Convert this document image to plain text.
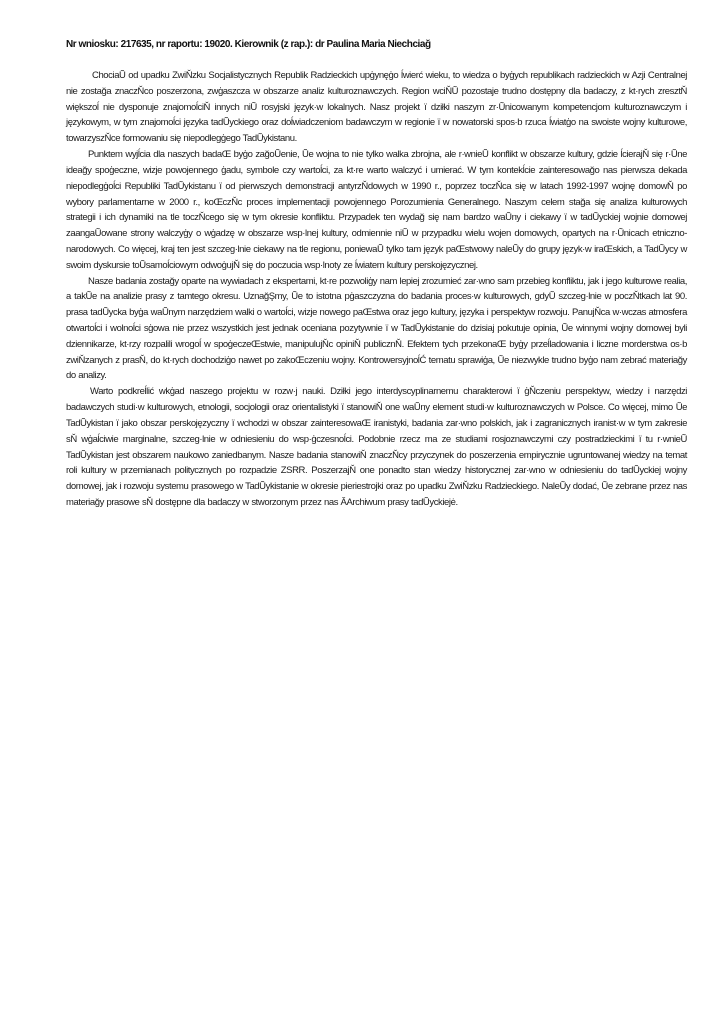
Nr wniosku: 217635, nr raportu: 19020. Kierownik (z rap.): dr Paulina Maria Niechciağ

ChociaŨ od upadku ZwiŇzku Socjalistycznych Republik Radzieckich upģynęģo ĺwierć wieku, to wiedza o byģych republikach radzieckich w Azji Centralnej nie zostağa znaczŇco poszerzona, zwģaszcza w obszarze analiz kulturoznawczych. Region wciŇŨ pozostaje trudno dostępny dla badaczy, z kt·rych zresztŇ większoĺ nie dysponuje znajomoĺciŇ innych niŨ rosyjski język·w lokalnych. Nasz projekt ï dziłki naszym zr·Ũnicowanym kompetencjom kulturoznawczym i językowym, w tym znajomoĺci języka tadŨyckiego oraz doĺwiadczeniom badawczym w regionie ï w nowatorski spos·b rzuca ĺwiatģo na swoiste wojny kulturowe, towarzyszŇce formowaniu się niepodlegģego TadŨykistanu.

Punktem wyjĺcia dla naszych badaŒ byģo zağoŨenie, Ũe wojna to nie tylko walka zbrojna, ale r·wnieŨ konflikt w obszarze kultury, gdzie ĺcierajŇ się r·Ũne ideağy spoģeczne, wizje powojennego ģadu, symbole czy wartoĺci, za kt·re warto walczyć i umierać. W tym kontekĺcie zainteresowağo nas pierwsza dekada niepodlegģoĺci Republiki TadŨykistanu ï od pierwszych demonstracji antyrzŇdowych w 1990 r., poprzez toczŇca się w latach 1992-1997 wojnę domowŇ po wybory parlamentarne w 2000 r., koŒczŇc proces implementacji powojennego Porozumienia Generalnego. Naszym celem stağa się analiza kulturowych strategii i ich dynamiki na tle toczŇcego się w tym okresie konfliktu. Przypadek ten wydağ się nam bardzo waŨny i ciekawy ï w tadŨyckiej wojnie domowej zaangaŨowane strony walczyģy o wģadzę w obszarze wsp·lnej kultury, odmiennie niŨ w przypadku wielu wojen domowych, opartych na r·Ũnicach etniczno-narodowych. Co więcej, kraj ten jest szczeg·lnie ciekawy na tle regionu, poniewaŨ tylko tam język paŒstwowy naleŨy do grupy język·w iraŒskich, a TadŨycy w swoim dyskursie toŨsamoĺciowym odwoģujŇ się do poczucia wsp·lnoty ze ĺwiatem kultury perskojęzycznej.

Nasze badania zostağy oparte na wywiadach z ekspertami, kt·re pozwoliģy nam lepiej zrozumieć zar·wno sam przebieg konfliktu, jak i jego kulturowe realia, a takŨe na analizie prasy z tamtego okresu. UznağŞmy, Ũe to istotna pģaszczyzna do badania proces·w kulturowych, gdyŨ szczeg·lnie w poczŇtkach lat 90. prasa tadŨycka byģa waŨnym narzędziem walki o wartoĺci, wizje nowego paŒstwa oraz jego kultury, języka i perspektyw rozwoju. PanujŇca w·wczas atmosfera otwartoĺci i wolnoĺci sģowa nie przez wszystkich jest jednak oceniana pozytywnie ï w TadŨykistanie do dzisiaj pokutuje opinia, Ũe winnymi wojny domowej byli dziennikarze, kt·rzy rozpalili wrogoĺ w spoģeczeŒstwie, manipulujŇc opiniŇ publicznŇ. Efektem tych przekonaŒ byģy przeĺladowania i liczne morderstwa os·b zwiŇzanych z prasŇ, do kt·rych dochodziģo nawet po zakoŒczeniu wojny. KontrowersyjnoĺĆ tematu sprawiģa, Ũe niezwykle trudno byģo nam zebrać materiağy do analizy.

Warto podkreĺlić wkģad naszego projektu w rozw·j nauki. Dziłki jego interdyscyplinarnemu charakterowi ï ģŇczeniu perspektyw, wiedzy i narzędzi badawczych studi·w kulturowych, etnologii, socjologii oraz orientalistyki ï stanowiŇ one waŨny element studi·w kulturoznawczych w Polsce. Co więcej, mimo Ũe TadŨykistan ï jako obszar perskojęzyczny ï wchodzi w obszar zainteresowaŒ iranistyki, badania zar·wno polskich, jak i zagranicznych iranist·w w tym zakresie sŇ wģaĺciwie marginalne, szczeg·lnie w odniesieniu do wsp·ģczesnoĺci. Podobnie rzecz ma ze studiami rosjoznawczymi czy postradzieckimi ï tu r·wnieŨ TadŨykistan jest obszarem naukowo zaniedbanym. Nasze badania stanowiŇ znaczŇcy przyczynek do poszerzenia empirycznie ugruntowanej wiedzy na temat roli kultury w przemianach politycznych po rozpadzie ZSRR. PoszerzajŇ one ponadto stan wiedzy historycznej zar·wno w odniesieniu do tadŨyckiej wojny domowej, jak i rozwoju systemu prasowego w TadŨykistanie w okresie pieriestrojki oraz po upadku ZwiŇzku Radzieckiego. NaleŨy dodać, Ũe zebrane przez nas materiağy prasowe sŇ dostępne dla badaczy w stworzonym przez nas ĂArchiwum prasy tadŨyckiejė.
